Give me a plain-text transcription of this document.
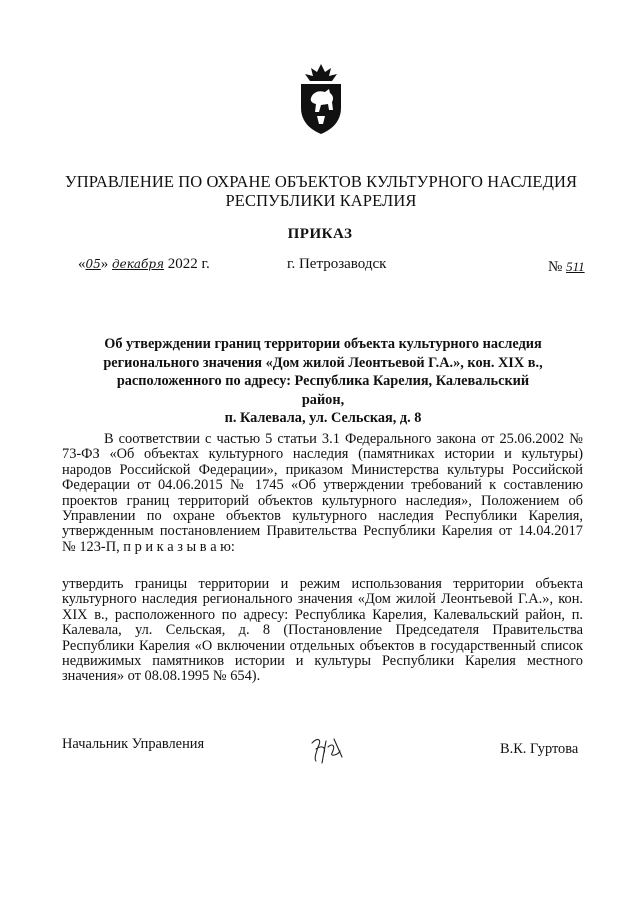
УПРАВЛЕНИЕ ПО ОХРАНЕ ОБЪЕКТОВ КУЛЬТУРНОГО НАСЛЕДИЯ
РЕСПУБЛИКИ КАРЕЛИЯ
ПРИКАЗ
«05» декабря 2022 г.	г. Петрозаводск	№ 511
Об утверждении границ территории объекта культурного наследия
регионального значения «Дом жилой Леонтьевой Г.А.», кон. XIX в.,
расположенного по адресу: Республика Карелия, Калевальский район,
п. Калевала, ул. Сельская, д. 8
В соответствии с частью 5 статьи 3.1 Федерального закона от 25.06.2002 № 73-ФЗ «Об объектах культурного наследия (памятниках истории и культуры) народов Российской Федерации», приказом Министерства культуры Российской Федерации от 04.06.2015 № 1745 «Об утверждении требований к составлению проектов границ территорий объектов культурного наследия», Положением об Управлении по охране объектов культурного наследия Республики Карелия, утвержденным постановлением Правительства Республики Карелия от 14.04.2017 № 123-П, п р и к а з ы в а ю:
утвердить границы территории и режим использования территории объекта культурного наследия регионального значения «Дом жилой Леонтьевой Г.А.», кон. XIX в., расположенного по адресу: Республика Карелия, Калевальский район, п. Калевала, ул. Сельская, д. 8 (Постановление Председателя Правительства Республики Карелия «О включении отдельных объектов в государственный список недвижимых памятников истории и культуры Республики Карелия местного значения» от 08.08.1995 № 654).
Начальник Управления	В.К. Гуртова
